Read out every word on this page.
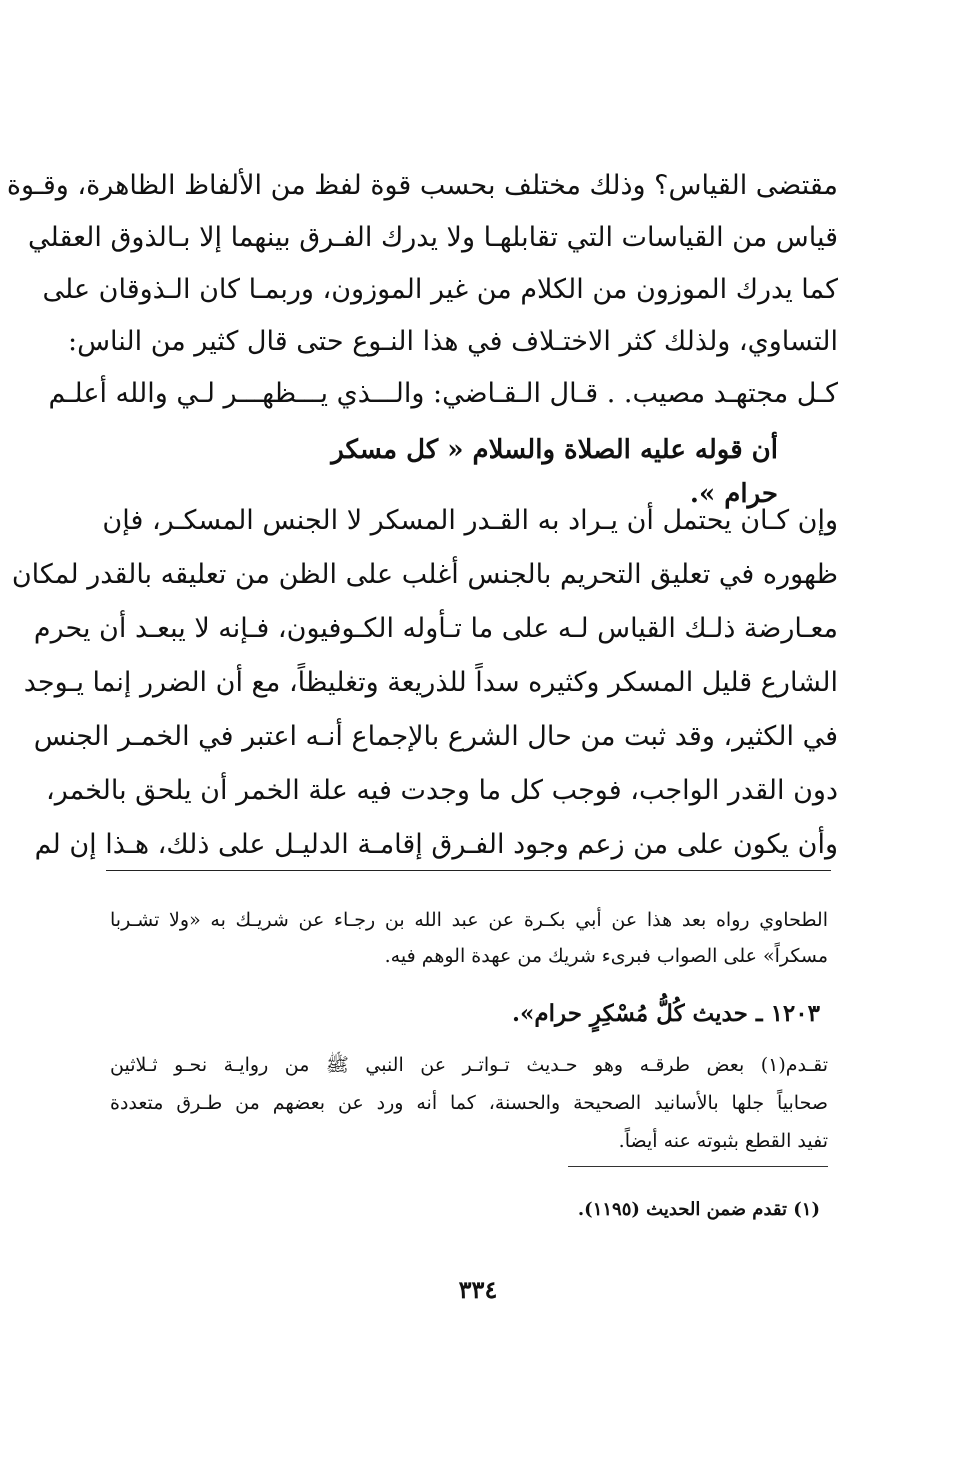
مقتضى القياس؟ وذلك مختلف بحسب قوة لفظ من الألفاظ الظاهرة، وقـوة
قياس من القياسات التي تقابلهـا ولا يدرك الفـرق بينهما إلا بـالذوق العقلي
كما يدرك الموزون من الكلام من غير الموزون، وربمـا كان الـذوقان على
التساوي، ولذلك كثر الاختـلاف في هذا النـوع حتى قال كثير من الناس:
كـل مجتهـد مصيب. . قـال الـقـاضي: والـــذي يـــظهـــر لـي والله أعلـم
أن قوله عليه الصلاة والسلام « كل مسكر حرام ».
وإن كـان يحتمل أن يـراد به القـدر المسكر لا الجنس المسكـر، فإن
ظهوره في تعليق التحريم بالجنس أغلب على الظن من تعليقه بالقدر لمكان
معـارضة ذلـك القياس لـه على ما تـأوله الكـوفيون، فـإنه لا يبعـد أن يحرم
الشارع قليل المسكر وكثيره سداً للذريعة وتغليظاً، مع أن الضرر إنما يـوجد
في الكثير، وقد ثبت من حال الشرع بالإجماع أنـه اعتبر في الخمـر الجنس
دون القدر الواجب، فوجب كل ما وجدت فيه علة الخمر أن يلحق بالخمر،
وأن يكون على من زعم وجود الفـرق إقامـة الدليـل على ذلك، هـذا إن لم
الطحاوي رواه بعد هذا عن أبي بكـرة عن عبد الله بن رجـاء عن شريـك به «ولا تشـربا
مسكراً» على الصواب فبرىء شريك من عهدة الوهم فيه.
١٢٠٣ ـ حديث كُلُّ مُسْكِرٍ حرام».
تقـدم(١) بعض طرقـه وهو حـديث تـواتـر عن النبي ﷺ من روايـة نحـو ثـلاثين
صحابياً جلها بالأسانيد الصحيحة والحسنة، كما أنه ورد عن بعضهم من طـرق متعددة
تفيد القطع بثبوته عنه أيضاً.
(١) تقدم ضمن الحديث (١١٩٥).
٣٣٤
